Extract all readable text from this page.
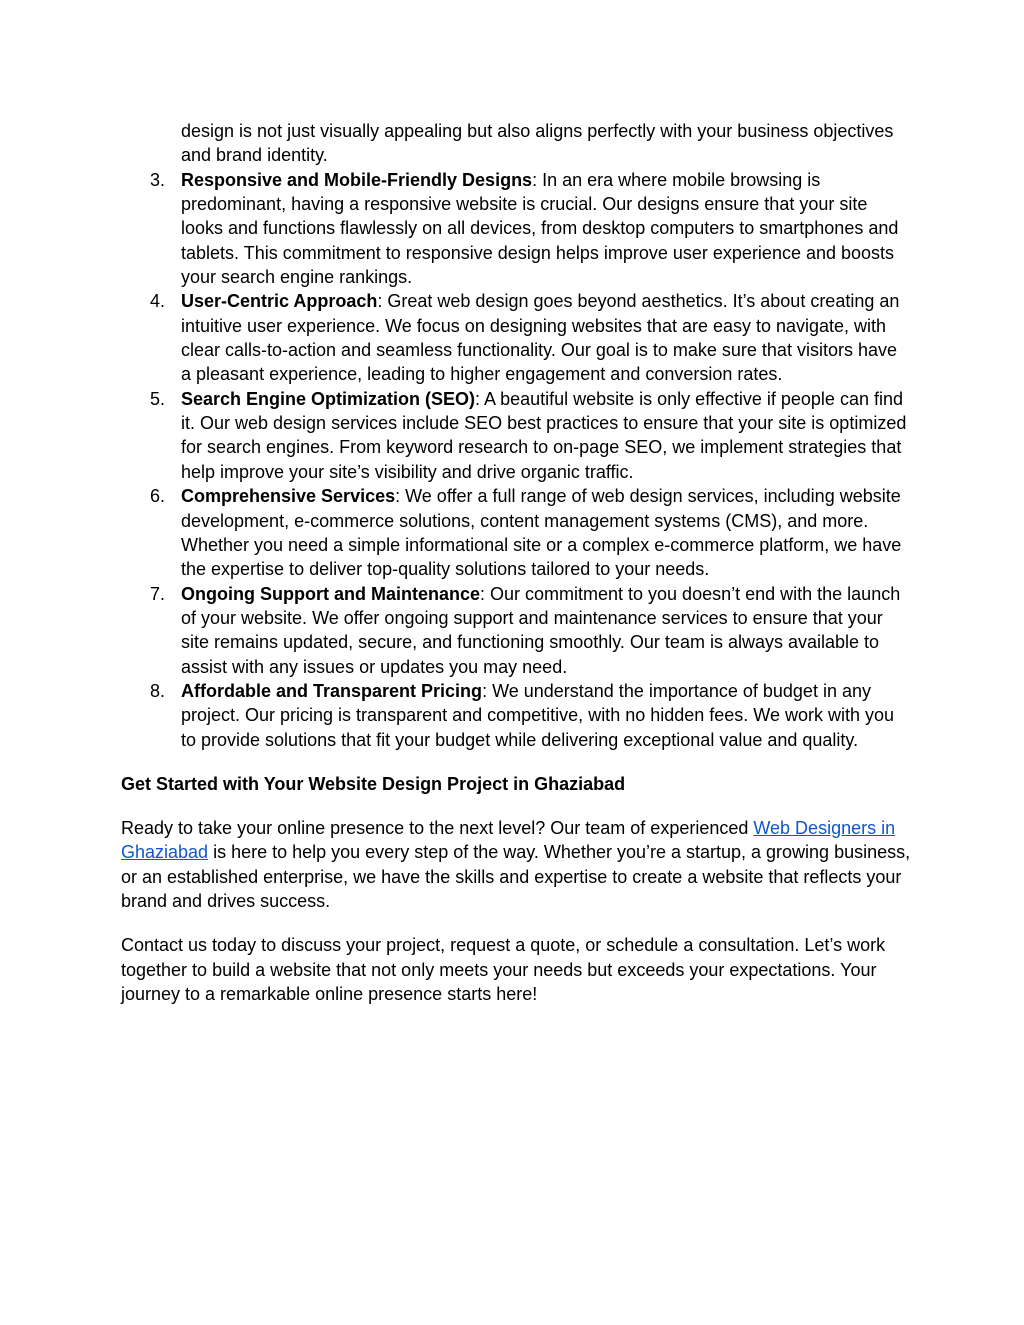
design is not just visually appealing but also aligns perfectly with your business objectives and brand identity.
3. Responsive and Mobile-Friendly Designs: In an era where mobile browsing is predominant, having a responsive website is crucial. Our designs ensure that your site looks and functions flawlessly on all devices, from desktop computers to smartphones and tablets. This commitment to responsive design helps improve user experience and boosts your search engine rankings.
4. User-Centric Approach: Great web design goes beyond aesthetics. It’s about creating an intuitive user experience. We focus on designing websites that are easy to navigate, with clear calls-to-action and seamless functionality. Our goal is to make sure that visitors have a pleasant experience, leading to higher engagement and conversion rates.
5. Search Engine Optimization (SEO): A beautiful website is only effective if people can find it. Our web design services include SEO best practices to ensure that your site is optimized for search engines. From keyword research to on-page SEO, we implement strategies that help improve your site’s visibility and drive organic traffic.
6. Comprehensive Services: We offer a full range of web design services, including website development, e-commerce solutions, content management systems (CMS), and more. Whether you need a simple informational site or a complex e-commerce platform, we have the expertise to deliver top-quality solutions tailored to your needs.
7. Ongoing Support and Maintenance: Our commitment to you doesn’t end with the launch of your website. We offer ongoing support and maintenance services to ensure that your site remains updated, secure, and functioning smoothly. Our team is always available to assist with any issues or updates you may need.
8. Affordable and Transparent Pricing: We understand the importance of budget in any project. Our pricing is transparent and competitive, with no hidden fees. We work with you to provide solutions that fit your budget while delivering exceptional value and quality.
Get Started with Your Website Design Project in Ghaziabad

Ready to take your online presence to the next level? Our team of experienced Web Designers in Ghaziabad is here to help you every step of the way. Whether you’re a startup, a growing business, or an established enterprise, we have the skills and expertise to create a website that reflects your brand and drives success.

Contact us today to discuss your project, request a quote, or schedule a consultation. Let’s work together to build a website that not only meets your needs but exceeds your expectations. Your journey to a remarkable online presence starts here!
